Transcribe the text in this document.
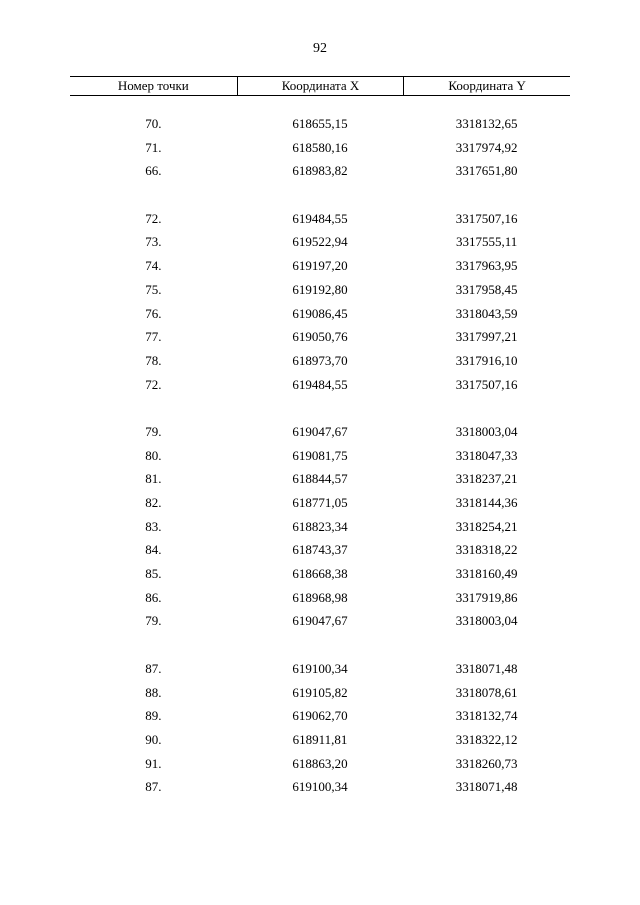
92
Номер точки	Координата X	Координата Y
70.	618655,15	3318132,65
71.	618580,16	3317974,92
66.	618983,82	3317651,80
72.	619484,55	3317507,16
73.	619522,94	3317555,11
74.	619197,20	3317963,95
75.	619192,80	3317958,45
76.	619086,45	3318043,59
77.	619050,76	3317997,21
78.	618973,70	3317916,10
72.	619484,55	3317507,16
79.	619047,67	3318003,04
80.	619081,75	3318047,33
81.	618844,57	3318237,21
82.	618771,05	3318144,36
83.	618823,34	3318254,21
84.	618743,37	3318318,22
85.	618668,38	3318160,49
86.	618968,98	3317919,86
79.	619047,67	3318003,04
87.	619100,34	3318071,48
88.	619105,82	3318078,61
89.	619062,70	3318132,74
90.	618911,81	3318322,12
91.	618863,20	3318260,73
87.	619100,34	3318071,48
